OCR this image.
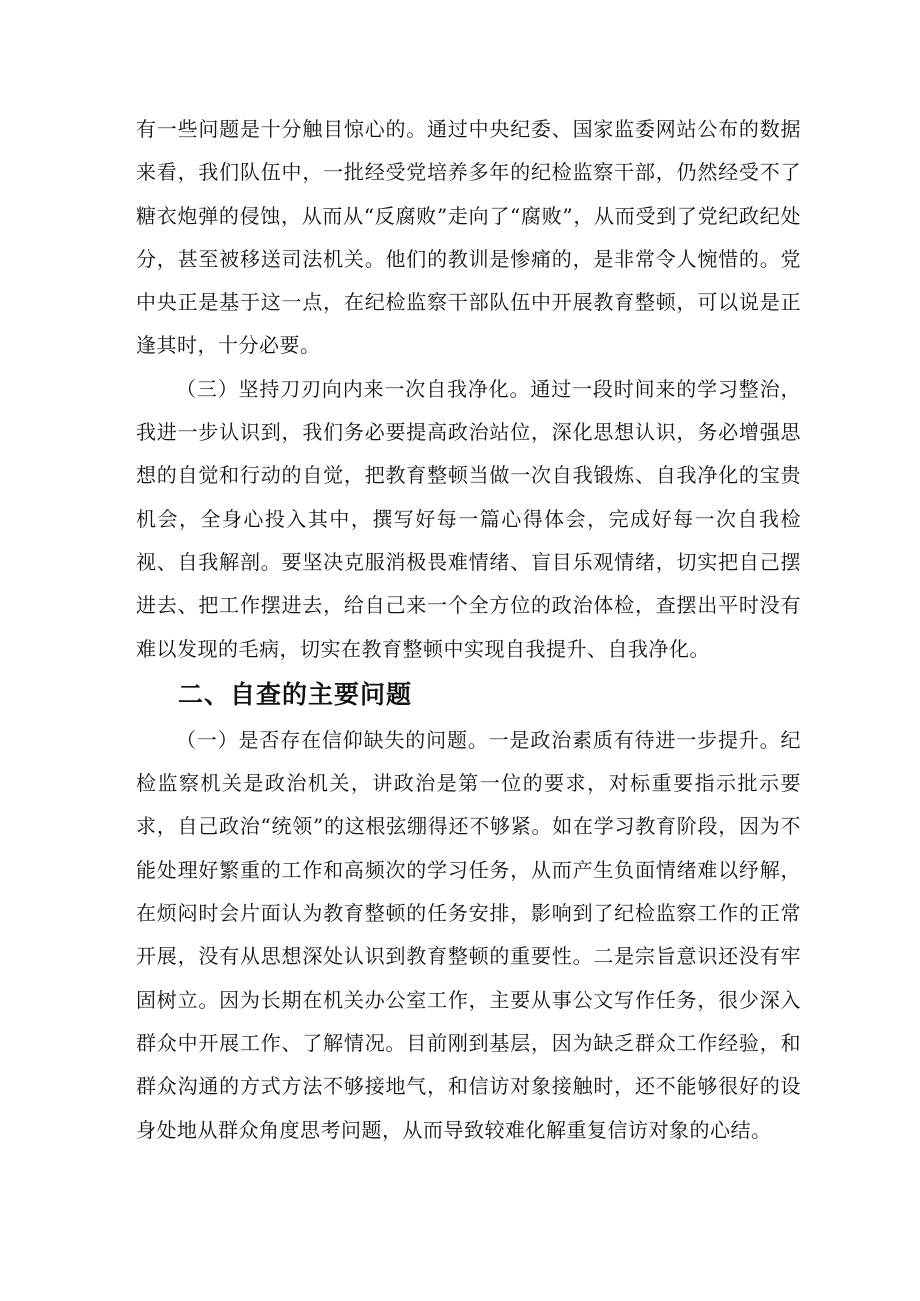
有一些问题是十分触目惊心的。通过中央纪委、国家监委网站公布的数据来看，我们队伍中，一批经受党培养多年的纪检监察干部，仍然经受不了糖衣炮弹的侵蚀，从而从“反腐败”走向了“腐败”，从而受到了党纪政纪处分，甚至被移送司法机关。他们的教训是惨痛的，是非常令人惋惜的。党中央正是基于这一点，在纪检监察干部队伍中开展教育整顿，可以说是正逢其时，十分必要。

（三）坚持刀刃向内来一次自我净化。通过一段时间来的学习整治，我进一步认识到，我们务必要提高政治站位，深化思想认识，务必增强思想的自觉和行动的自觉，把教育整顿当做一次自我锻炼、自我净化的宝贵机会，全身心投入其中，撰写好每一篇心得体会，完成好每一次自我检视、自我解剖。要坚决克服消极畏难情绪、盲目乐观情绪，切实把自己摆进去、把工作摆进去，给自己来一个全方位的政治体检，查摆出平时没有难以发现的毛病，切实在教育整顿中实现自我提升、自我净化。

二、自查的主要问题

（一）是否存在信仰缺失的问题。一是政治素质有待进一步提升。纪检监察机关是政治机关，讲政治是第一位的要求，对标重要指示批示要求，自己政治“统领”的这根弦绷得还不够紧。如在学习教育阶段，因为不能处理好繁重的工作和高频次的学习任务，从而产生负面情绪难以纾解，在烦闷时会片面认为教育整顿的任务安排，影响到了纪检监察工作的正常开展，没有从思想深处认识到教育整顿的重要性。二是宗旨意识还没有牢固树立。因为长期在机关办公室工作，主要从事公文写作任务，很少深入群众中开展工作、了解情况。目前刚到基层，因为缺乏群众工作经验，和群众沟通的方式方法不够接地气，和信访对象接触时，还不能够很好的设身处地从群众角度思考问题，从而导致较难化解重复信访对象的心结。
